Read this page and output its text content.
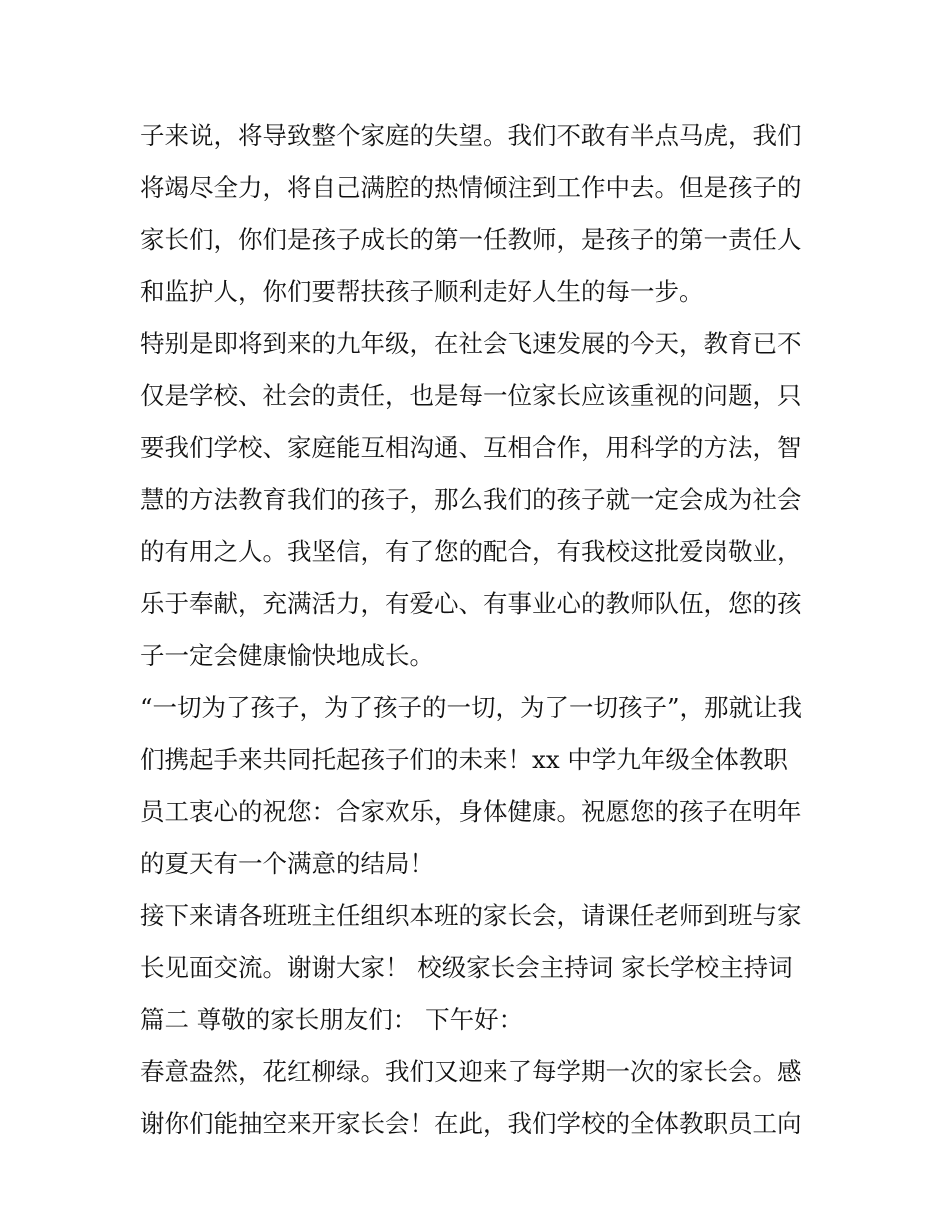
子来说，将导致整个家庭的失望。我们不敢有半点马虎，我们
将竭尽全力，将自己满腔的热情倾注到工作中去。但是孩子的
家长们，你们是孩子成长的第一任教师，是孩子的第一责任人
和监护人，你们要帮扶孩子顺利走好人生的每一步。
特别是即将到来的九年级，在社会飞速发展的今天，教育已不
仅是学校、社会的责任，也是每一位家长应该重视的问题，只
要我们学校、家庭能互相沟通、互相合作，用科学的方法，智
慧的方法教育我们的孩子，那么我们的孩子就一定会成为社会
的有用之人。我坚信，有了您的配合，有我校这批爱岗敬业，
乐于奉献，充满活力，有爱心、有事业心的教师队伍，您的孩
子一定会健康愉快地成长。
“一切为了孩子，为了孩子的一切，为了一切孩子”，那就让我
们携起手来共同托起孩子们的未来！xx 中学九年级全体教职
员工衷心的祝您：合家欢乐，身体健康。祝愿您的孩子在明年
的夏天有一个满意的结局！
接下来请各班班主任组织本班的家长会，请课任老师到班与家
长见面交流。谢谢大家！ 校级家长会主持词 家长学校主持词
篇二 尊敬的家长朋友们： 下午好：
春意盎然，花红柳绿。我们又迎来了每学期一次的家长会。感
谢你们能抽空来开家长会！在此，我们学校的全体教职员工向
